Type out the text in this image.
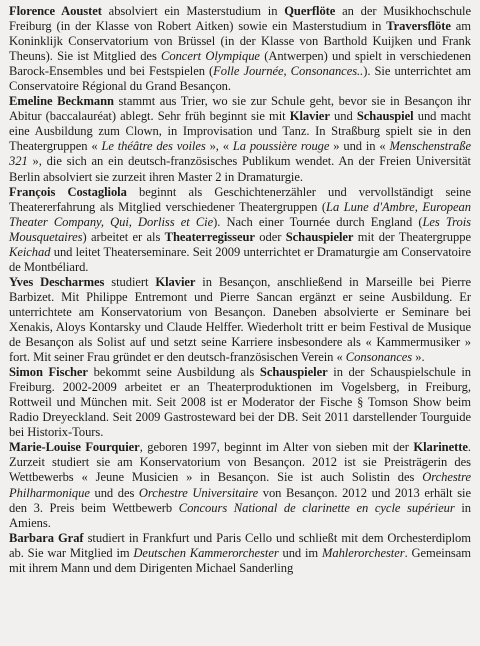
Florence Aoustet absolviert ein Masterstudium in Querflöte an der Musikhochschule Freiburg (in der Klasse von Robert Aitken) sowie ein Masterstudium in Traversflöte am Koninklijk Conservatorium von Brüssel (in der Klasse von Barthold Kuijken und Frank Theuns). Sie ist Mitglied des Concert Olympique (Antwerpen) und spielt in verschiedenen Barock-Ensembles und bei Festspielen (Folle Journée, Consonances..). Sie unterrichtet am Conservatoire Régional du Grand Besançon.

Emeline Beckmann stammt aus Trier, wo sie zur Schule geht, bevor sie in Besançon ihr Abitur (baccalauréat) ablegt. Sehr früh beginnt sie mit Klavier und Schauspiel und macht eine Ausbildung zum Clown, in Improvisation und Tanz. In Straßburg spielt sie in den Theatergruppen « Le théâtre des voiles », « La poussière rouge » und in « Menschenstraße 321 », die sich an ein deutsch-französisches Publikum wendet. An der Freien Universität Berlin absolviert sie zurzeit ihren Master 2 in Dramaturgie.

François Costagliola beginnt als Geschichtenerzähler und vervollständigt seine Theatererfahrung als Mitglied verschiedener Theatergruppen (La Lune d'Ambre, European Theater Company, Qui, Dorliss et Cie). Nach einer Tournée durch England (Les Trois Mousquetaires) arbeitet er als Theaterregisseur oder Schauspieler mit der Theatergruppe Keichad und leitet Theaterseminare. Seit 2009 unterrichtet er Dramaturgie am Conservatoire de Montbéliard.

Yves Descharmes studiert Klavier in Besançon, anschließend in Marseille bei Pierre Barbizet. Mit Philippe Entremont und Pierre Sancan ergänzt er seine Ausbildung. Er unterrichtete am Konservatorium von Besançon. Daneben absolvierte er Seminare bei Xenakis, Aloys Kontarsky und Claude Helffer. Wiederholt tritt er beim Festival de Musique de Besançon als Solist auf und setzt seine Karriere insbesondere als « Kammermusiker » fort. Mit seiner Frau gründet er den deutsch-französischen Verein « Consonances ».

Simon Fischer bekommt seine Ausbildung als Schauspieler in der Schauspielschule in Freiburg. 2002-2009 arbeitet er an Theaterproduktionen im Vogelsberg, in Freiburg, Rottweil und München mit. Seit 2008 ist er Moderator der Fische § Tomson Show beim Radio Dreyeckland. Seit 2009 Gastrosteward bei der DB. Seit 2011 darstellender Tourguide bei Historix-Tours.

Marie-Louise Fourquier, geboren 1997, beginnt im Alter von sieben mit der Klarinette. Zurzeit studiert sie am Konservatorium von Besançon. 2012 ist sie Preisträgerin des Wettbewerbs « Jeune Musicien » in Besançon. Sie ist auch Solistin des Orchestre Philharmonique und des Orchestre Universitaire von Besançon. 2012 und 2013 erhält sie den 3. Preis beim Wettbewerb Concours National de clarinette en cycle supérieur in Amiens.

Barbara Graf studiert in Frankfurt und Paris Cello und schließt mit dem Orchesterdiplom ab. Sie war Mitglied im Deutschen Kammerorchester und im Mahlerorchester. Gemeinsam mit ihrem Mann und dem Dirigenten Michael Sanderling
